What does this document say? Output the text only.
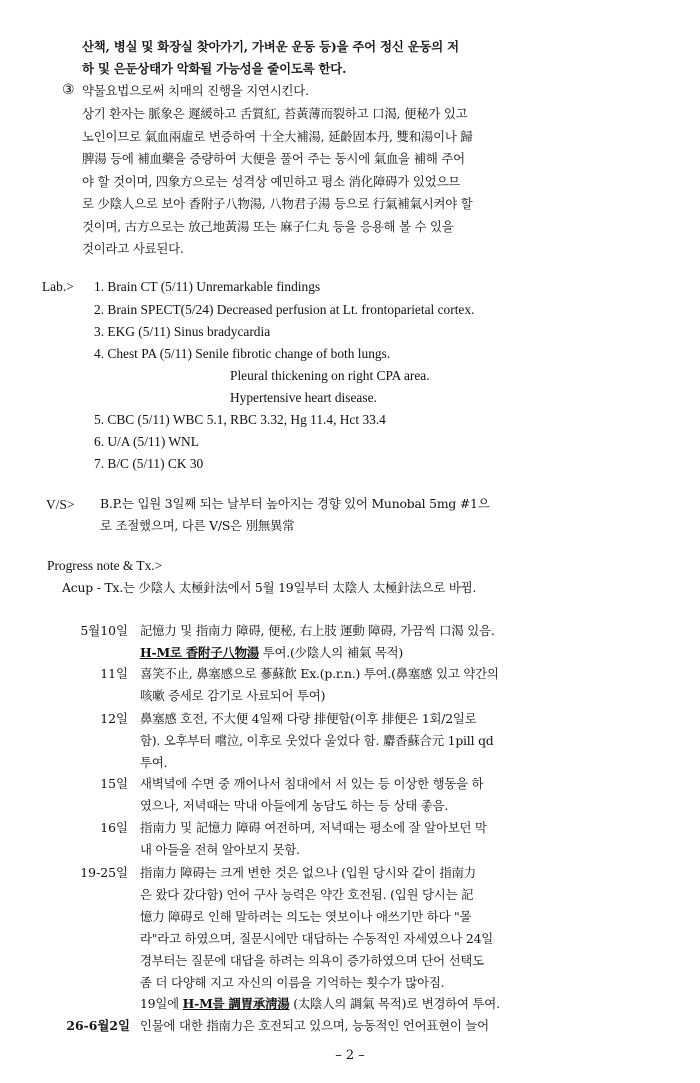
산책, 병실 및 화장실 찾아가기, 가벼운 운동 등)을 주어 정신 운동의 저
하 및 은둔상태가 악화될 가능성을 줄이도록 한다.
③ 약물요법으로써 치매의 진행을 지연시킨다.
상기 환자는 脈象은 遲緩하고 舌質紅, 苔黃薄而裂하고 口渴, 便秘가 있고
노인이므로 氣血兩虛로 변증하여 十全大補湯, 延齡固本丹, 雙和湯이나 歸
脾湯 등에 補血藥을 증량하여 大便을 풀어 주는 동시에 氣血을 補해 주어
야 할 것이며, 四象方으로는 성격상 예민하고 평소 消化障碍가 있었으므
로 少陰人으로 보아 香附子八物湯, 八物君子湯 등으로 行氣補氣시켜야 할
것이며, 古方으로는 放己地黃湯 또는 麻子仁丸 등을 응용해 볼 수 있을
것이라고 사료된다.
Lab.> 1. Brain CT (5/11) Unremarkable findings
2. Brain SPECT(5/24) Decreased perfusion at Lt. frontoparietal cortex.
3. EKG (5/11) Sinus bradycardia
4. Chest PA (5/11) Senile fibrotic change of both lungs.
Pleural thickening on right CPA area.
Hypertensive heart disease.
5. CBC (5/11) WBC 5.1, RBC 3.32, Hg 11.4, Hct 33.4
6. U/A (5/11) WNL
7. B/C (5/11) CK 30
V/S> B.P.는 입원 3일째 되는 날부터 높아지는 경향 있어 Munobal 5mg #1으
로 조절했으며, 다른 V/S은 別無異常
Progress note & Tx.>
Acup - Tx.는 少陰人 太極針法에서 5월 19일부터 太陰人 太極針法으로 바뀜.
5월10일 記憶力 및 指南力 障碍, 便秘, 右上肢 運動 障碍, 가끔씩 口渴 있음.
H-M로 香附子八物湯 투여.(少陰人의 補氣 목적)
11일 喜笑不止, 鼻塞感으로 蔘蘇飮 Ex.(p.r.n.) 투여.(鼻塞感 있고 약간의
咳嗽 증세로 감기로 사료되어 투여)
12일 鼻塞感 호전, 不大便 4일째 다량 排便함(이후 排便은 1회/2일로
함). 오후부터 嚐泣, 이후로 웃었다 울었다 함. 麝香蘇合元 1pill qd
투여.
15일 새벽녘에 수면 중 깨어나서 침대에서 서 있는 등 이상한 행동을 하
였으나, 저녁때는 막내 아들에게 농담도 하는 등 상태 좋음.
16일 指南力 및 記憶力 障碍 여전하며, 저녁때는 평소에 잘 알아보던 막
내 아들을 전혀 알아보지 못함.
19-25일 指南力 障碍는 크게 변한 것은 없으나 (입원 당시와 같이 指南力
은 왔다 갔다함) 언어 구사 능력은 약간 호전됨. (입원 당시는 記
憶力 障碍로 인해 말하려는 의도는 엿보이나 애쓰기만 하다 "몰
라"라고 하였으며, 질문시에만 대답하는 수동적인 자세였으나 24일
경부터는 질문에 대답을 하려는 의욕이 증가하였으며 단어 선택도
좀 더 다양해 지고 자신의 이름을 기억하는 횟수가 많아짐.
19일에 H-M를 調胃承淸湯 (太陰人의 調氣 목적)로 변경하여 투여.
26-6월2일 인물에 대한 指南力은 호전되고 있으며, 능동적인 언어표현이 늘어
– 2 –
